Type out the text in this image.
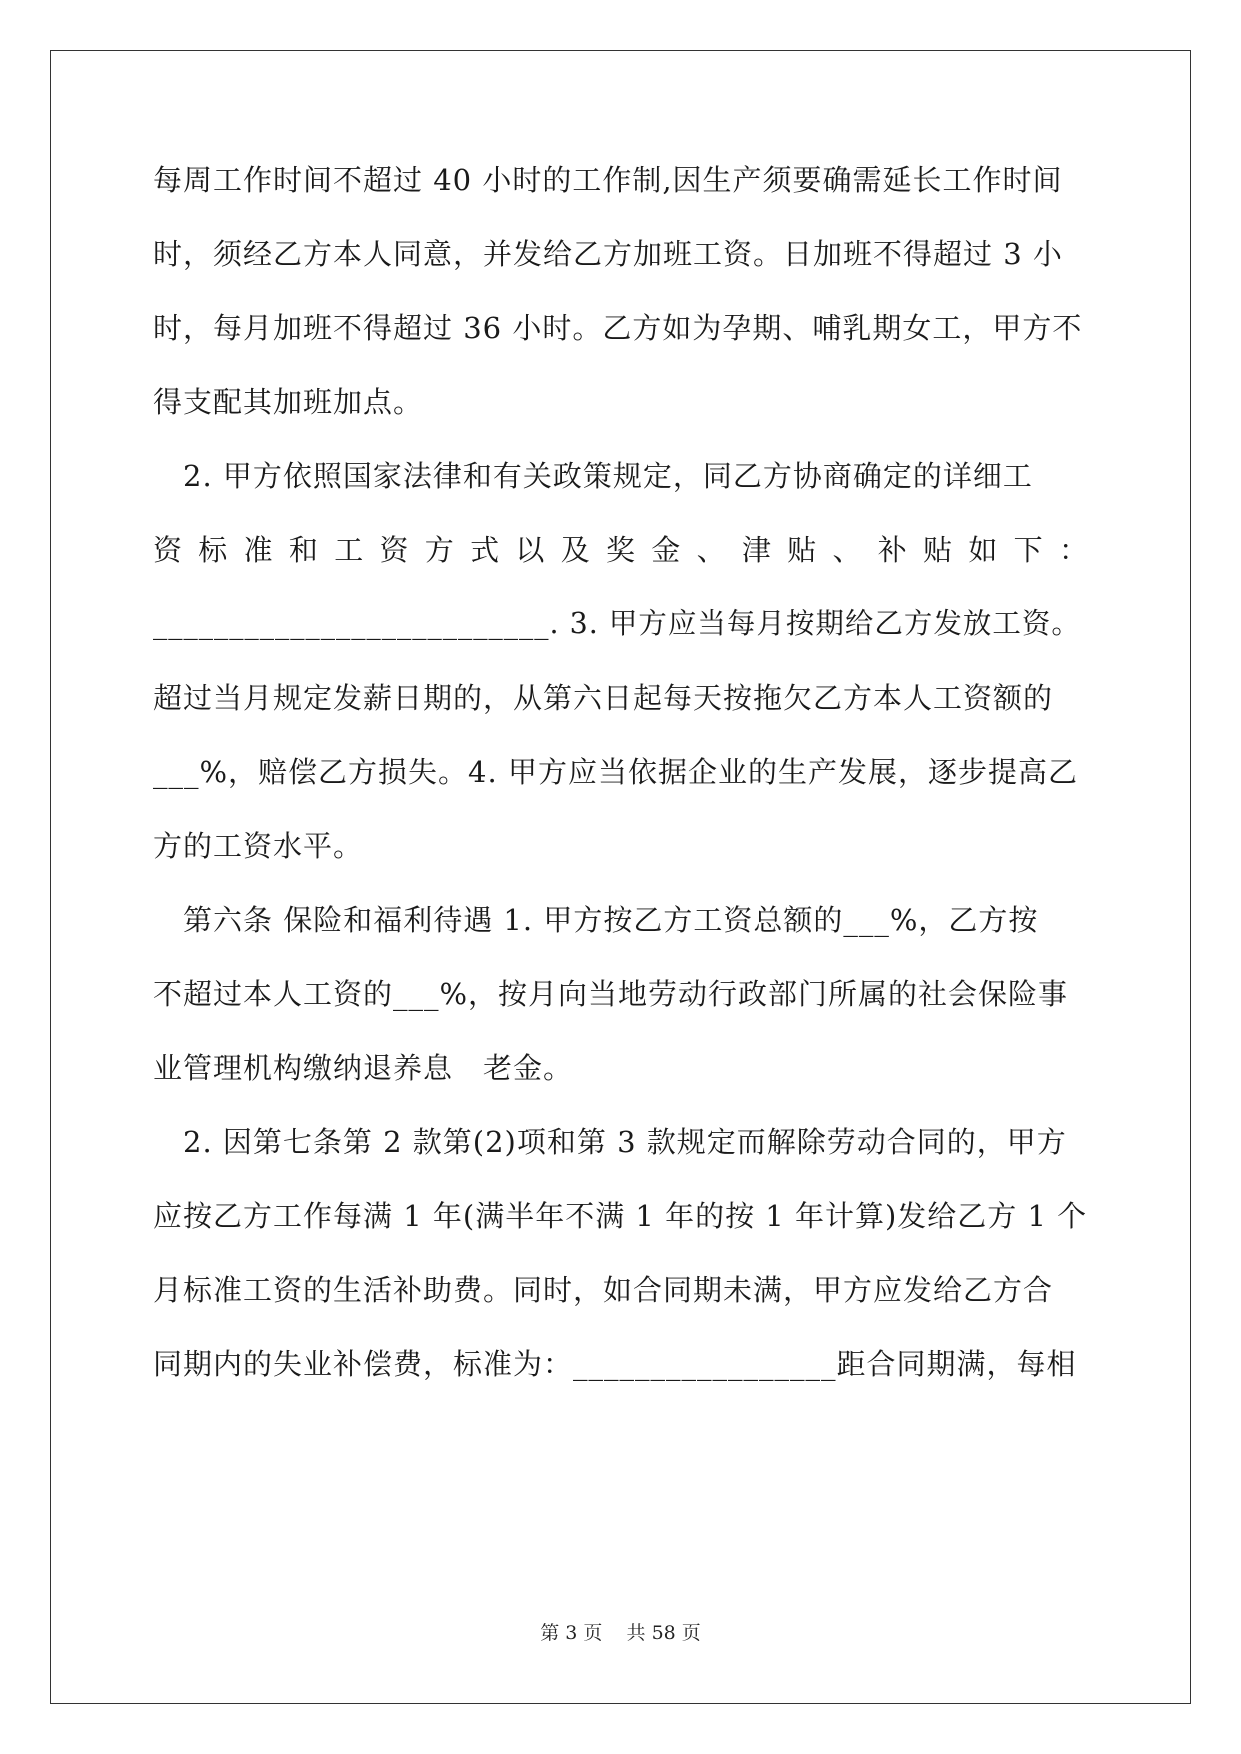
每周工作时间不超过 40 小时的工作制,因生产须要确需延长工作时间
时，须经乙方本人同意，并发给乙方加班工资。日加班不得超过 3 小
时，每月加班不得超过 36 小时。乙方如为孕期、哺乳期女工，甲方不
得支配其加班加点。
　2. 甲方依照国家法律和有关政策规定，同乙方协商确定的详细工
资标准和工资方式以及奖金、津贴、补贴如下：
__________________________. 3. 甲方应当每月按期给乙方发放工资。
超过当月规定发薪日期的，从第六日起每天按拖欠乙方本人工资额的
___%，赔偿乙方损失。4. 甲方应当依据企业的生产发展，逐步提高乙
方的工资水平。
　第六条 保险和福利待遇 1. 甲方按乙方工资总额的___%，乙方按
不超过本人工资的___%，按月向当地劳动行政部门所属的社会保险事
业管理机构缴纳退养息　老金。
　2. 因第七条第 2 款第(2)项和第 3 款规定而解除劳动合同的，甲方
应按乙方工作每满 1 年(满半年不满 1 年的按 1 年计算)发给乙方 1 个
月标准工资的生活补助费。同时，如合同期未满，甲方应发给乙方合
同期内的失业补偿费，标准为：_________________距合同期满，每相
第 3 页 共 58 页
